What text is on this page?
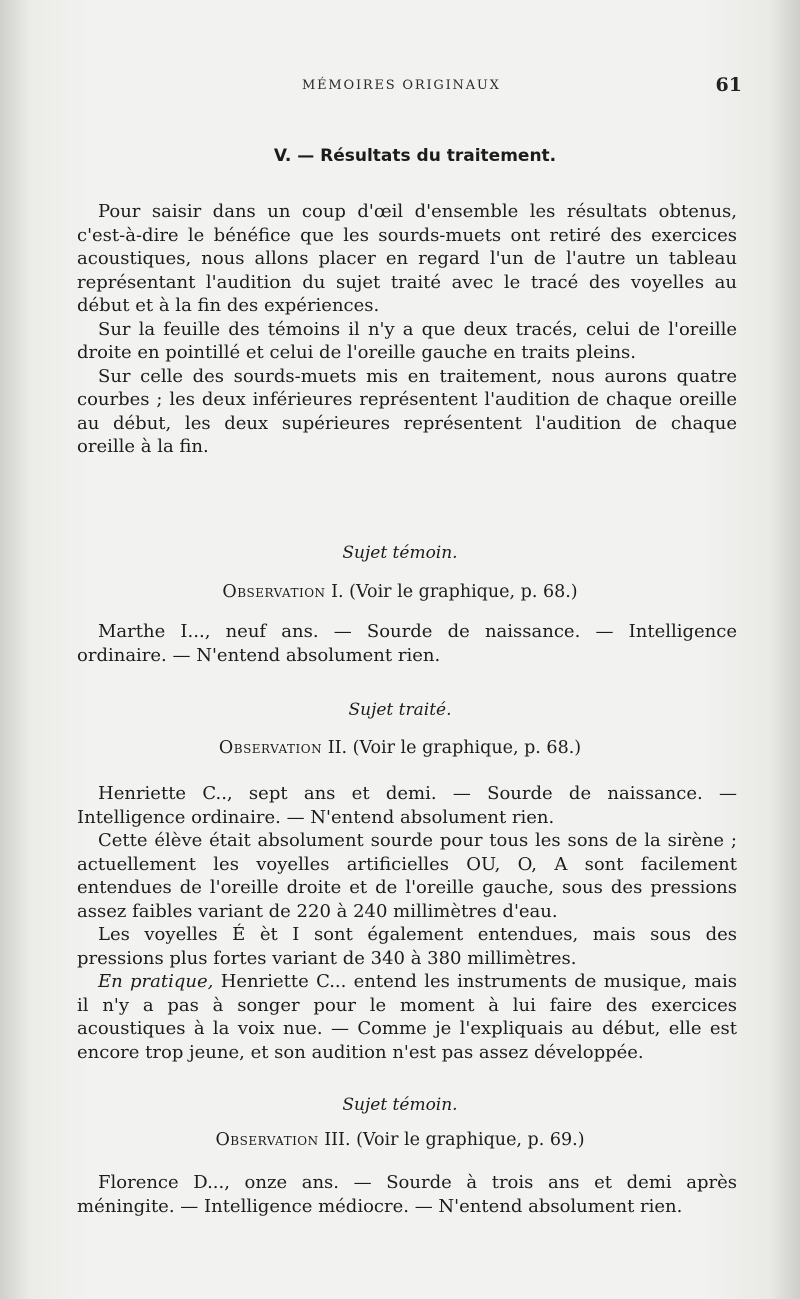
MÉMOIRES ORIGINAUX	61
V. — Résultats du traitement.

Pour saisir dans un coup d'œil d'ensemble les résultats obtenus, c'est-à-dire le bénéfice que les sourds-muets ont retiré des exercices acoustiques, nous allons placer en regard l'un de l'autre un tableau représentant l'audition du sujet traité avec le tracé des voyelles au début et à la fin des expériences.

Sur la feuille des témoins il n'y a que deux tracés, celui de l'oreille droite en pointillé et celui de l'oreille gauche en traits pleins.

Sur celle des sourds-muets mis en traitement, nous aurons quatre courbes ; les deux inférieures représentent l'audition de chaque oreille au début, les deux supérieures représentent l'audition de chaque oreille à la fin.

Sujet témoin.
Observation I. (Voir le graphique, p. 68.)

Marthe I..., neuf ans. — Sourde de naissance. — Intelligence ordinaire. — N'entend absolument rien.

Sujet traité.
Observation II. (Voir le graphique, p. 68.)

Henriette C.., sept ans et demi. — Sourde de naissance. — Intelligence ordinaire. — N'entend absolument rien.

Cette élève était absolument sourde pour tous les sons de la sirène ; actuellement les voyelles artificielles OU, O, A sont facilement entendues de l'oreille droite et de l'oreille gauche, sous des pressions assez faibles variant de 220 à 240 millimètres d'eau.

Les voyelles É èt I sont également entendues, mais sous des pressions plus fortes variant de 340 à 380 millimètres.

En pratique, Henriette C... entend les instruments de musique, mais il n'y a pas à songer pour le moment à lui faire des exercices acoustiques à la voix nue. — Comme je l'expliquais au début, elle est encore trop jeune, et son audition n'est pas assez développée.

Sujet témoin.
Observation III. (Voir le graphique, p. 69.)

Florence D..., onze ans. — Sourde à trois ans et demi après méningite. — Intelligence médiocre. — N'entend absolument rien.
